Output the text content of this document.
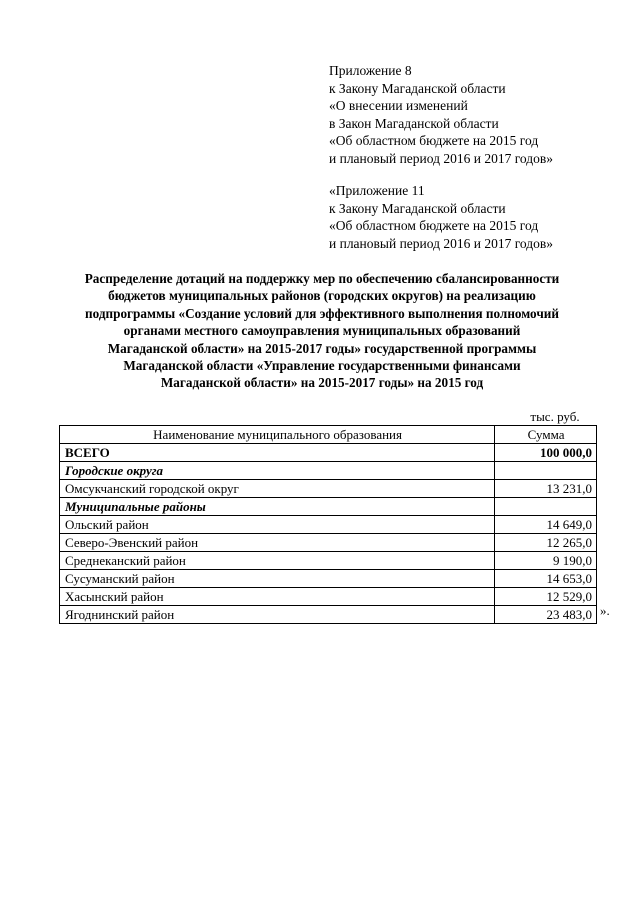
Приложение 8
к Закону Магаданской области
«О внесении изменений
в Закон Магаданской области
«Об областном бюджете на 2015 год
и плановый период 2016 и 2017 годов»
«Приложение 11
к Закону Магаданской области
«Об областном бюджете на 2015 год
и плановый период 2016 и 2017 годов»
Распределение дотаций на поддержку мер по обеспечению сбалансированности
бюджетов муниципальных районов (городских округов) на реализацию
подпрограммы «Создание условий для эффективного выполнения полномочий
органами местного самоуправления муниципальных образований
Магаданской области» на 2015-2017 годы» государственной программы
Магаданской области «Управление государственными финансами
Магаданской области» на 2015-2017 годы» на 2015 год
тыс. руб.
Наименование муниципального образования	Сумма
ВСЕГО	100 000,0
Городские округа	
Омсукчанский городской округ	13 231,0
Муниципальные районы	
Ольский район	14 649,0
Северо-Эвенский район	12 265,0
Среднеканский район	9 190,0
Сусуманский район	14 653,0
Хасынский район	12 529,0
Ягоднинский район	23 483,0 ».
